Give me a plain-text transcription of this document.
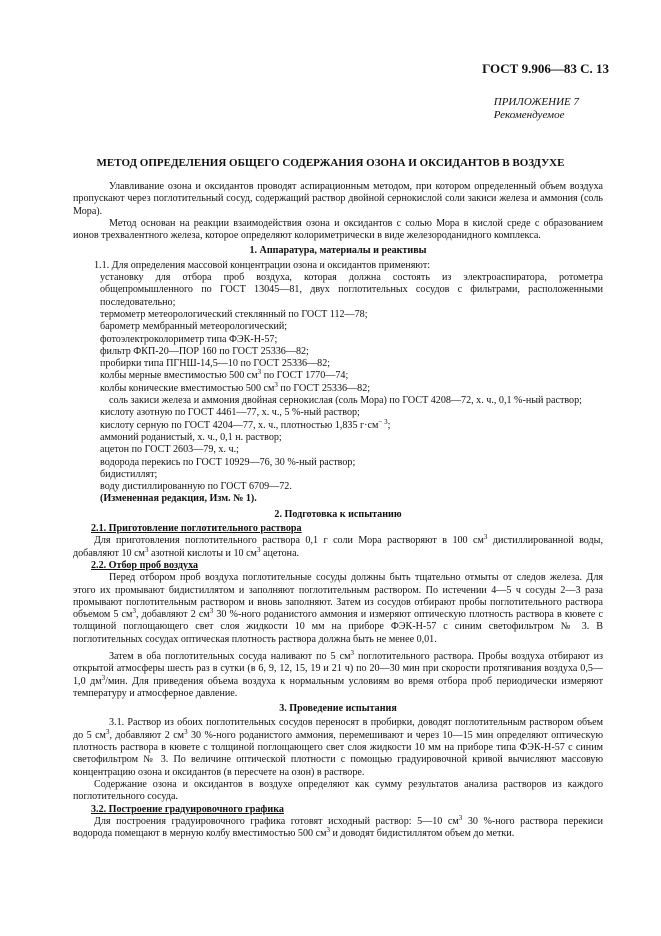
ГОСТ 9.906—83 С. 13
ПРИЛОЖЕНИЕ 7
Рекомендуемое
МЕТОД ОПРЕДЕЛЕНИЯ ОБЩЕГО СОДЕРЖАНИЯ ОЗОНА И ОКСИДАНТОВ В ВОЗДУХЕ

Улавливание озона и оксидантов проводят аспирационным методом, при котором определенный объем воздуха пропускают через поглотительный сосуд, содержащий раствор двойной сернокислой соли закиси железа и аммония (соль Мора).

Метод основан на реакции взаимодействия озона и оксидантов с солью Мора в кислой среде с образованием ионов трехвалентного железа, которое определяют колориметрически в виде железороданидного комплекса.

1. Аппаратура, материалы и реактивы

1.1. Для определения массовой концентрации озона и оксидантов применяют:

установку для отбора проб воздуха, которая должна состоять из электроаспиратора, ротометра общепромышленного по ГОСТ 13045—81, двух поглотительных сосудов с фильтрами, расположенными последовательно;

термометр метеорологический стеклянный по ГОСТ 112—78;

барометр мембранный метеорологический;

фотоэлектроколориметр типа ФЭК-Н-57;

фильтр ФКП-20—ПОР 160 по ГОСТ 25336—82;

пробирки типа ПГНШ-14,5—10 по ГОСТ 25336—82;

колбы мерные вместимостью 500 $см^3$ по ГОСТ 1770—74;

колбы конические вместимостью 500 $см^3$ по ГОСТ 25336—82;

соль закиси железа и аммония двойная сернокислая (соль Мора) по ГОСТ 4208—72, х. ч., 0,1 %-ный раствор;

кислоту азотную по ГОСТ 4461—77, х. ч., 5 %-ный раствор;

кислоту серную по ГОСТ 4204—77, х. ч., плотностью 1,835 $г\cdot см^{- 3}$;

аммоний роданистый, х. ч., 0,1 н. раствор;

ацетон по ГОСТ 2603—79, х. ч.;

водорода перекись по ГОСТ 10929—76, 30 %-ный раствор;

бидистиллят;

воду дистиллированную по ГОСТ 6709—72.

(Измененная редакция, Изм. № 1).

2. Подготовка к испытанию

2.1. Приготовление поглотительного раствора

Для приготовления поглотительного раствора 0,1 г соли Мора растворяют в 100 $см^3$ дистиллированной воды, добавляют 10 $см^3$ азотной кислоты и 10 $см^3$ ацетона.

2.2. Отбор проб воздуха

Перед отбором проб воздуха поглотительные сосуды должны быть тщательно отмыты от следов железа. Для этого их промывают бидистиллятом и заполняют поглотительным раствором. По истечении 4—5 ч сосуды 2—3 раза промывают поглотительным раствором и вновь заполняют. Затем из сосудов отбирают пробы поглотительного раствора объемом 5 $см^3$, добавляют 2 $см^3$ 30 %-ного роданистого аммония и измеряют оптическую плотность раствора в кювете с толщиной поглощающего свет слоя жидкости 10 мм на приборе ФЭК-Н-57 с синим светофильтром № 3. В поглотительных сосудах оптическая плотность раствора должна быть не менее 0,01.

Затем в оба поглотительных сосуда наливают по 5 $см^3$ поглотительного раствора. Пробы воздуха отбирают из открытой атмосферы шесть раз в сутки (в 6, 9, 12, 15, 19 и 21 ч) по 20—30 мин при скорости протягивания воздуха 0,5—1,0 $дм^3$/мин. Для приведения объема воздуха к нормальным условиям во время отбора проб периодически измеряют температуру и атмосферное давление.

3. Проведение испытания

3.1. Раствор из обоих поглотительных сосудов переносят в пробирки, доводят поглотительным раствором объем до 5 $см^3$, добавляют 2 $см^3$ 30 %-ного роданистого аммония, перемешивают и через 10—15 мин определяют оптическую плотность раствора в кювете с толщиной поглощающего свет слоя жидкости 10 мм на приборе типа ФЭК-Н-57 с синим светофильтром № 3. По величине оптической плотности с помощью градуировочной кривой вычисляют массовую концентрацию озона и оксидантов (в пересчете на озон) в растворе.

Содержание озона и оксидантов в воздухе определяют как сумму результатов анализа растворов из каждого поглотительного сосуда.

3.2. Построение градуировочного графика

Для построения градуировочного графика готовят исходный раствор: 5—10 $см^3$ 30 %-ного раствора перекиси водорода помещают в мерную колбу вместимостью 500 $см^3$ и доводят бидистиллятом объем до метки.
